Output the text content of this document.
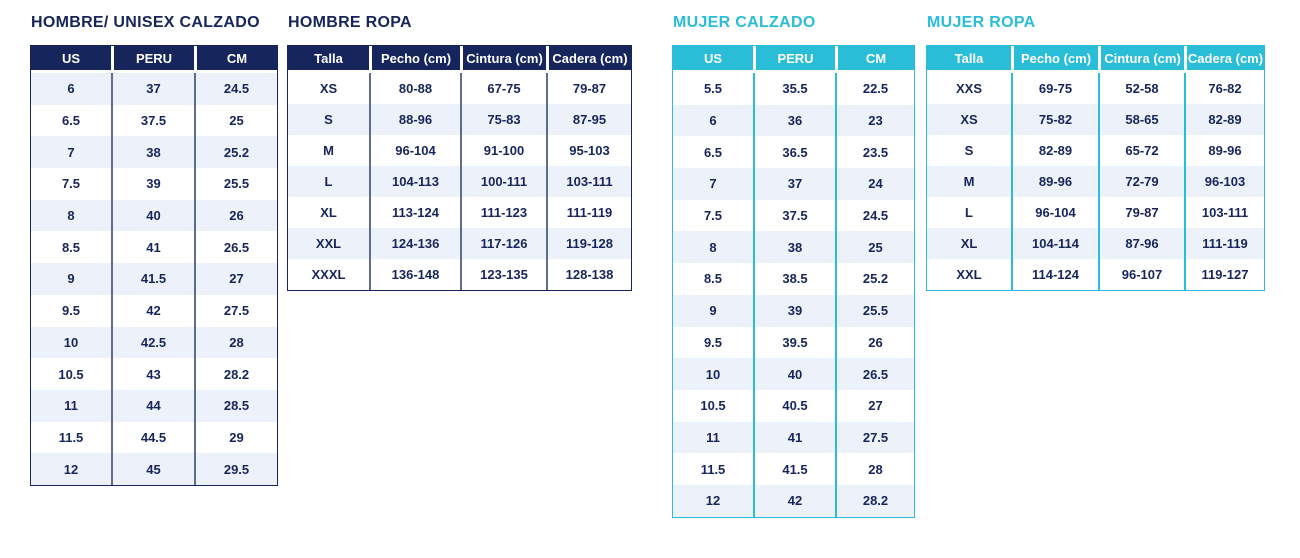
HOMBRE/ UNISEX CALZADO
US	PERU	CM
6	37	24.5
6.5	37.5	25
7	38	25.2
7.5	39	25.5
8	40	26
8.5	41	26.5
9	41.5	27
9.5	42	27.5
10	42.5	28
10.5	43	28.2
11	44	28.5
11.5	44.5	29
12	45	29.5
HOMBRE ROPA
Talla	Pecho (cm)	Cintura (cm)	Cadera (cm)
XS	80-88	67-75	79-87
S	88-96	75-83	87-95
M	96-104	91-100	95-103
L	104-113	100-111	103-111
XL	113-124	111-123	111-119
XXL	124-136	117-126	119-128
XXXL	136-148	123-135	128-138
MUJER CALZADO
US	PERU	CM
5.5	35.5	22.5
6	36	23
6.5	36.5	23.5
7	37	24
7.5	37.5	24.5
8	38	25
8.5	38.5	25.2
9	39	25.5
9.5	39.5	26
10	40	26.5
10.5	40.5	27
11	41	27.5
11.5	41.5	28
12	42	28.2
MUJER ROPA
Talla	Pecho (cm)	Cintura (cm)	Cadera (cm)
XXS	69-75	52-58	76-82
XS	75-82	58-65	82-89
S	82-89	65-72	89-96
M	89-96	72-79	96-103
L	96-104	79-87	103-111
XL	104-114	87-96	111-119
XXL	114-124	96-107	119-127
